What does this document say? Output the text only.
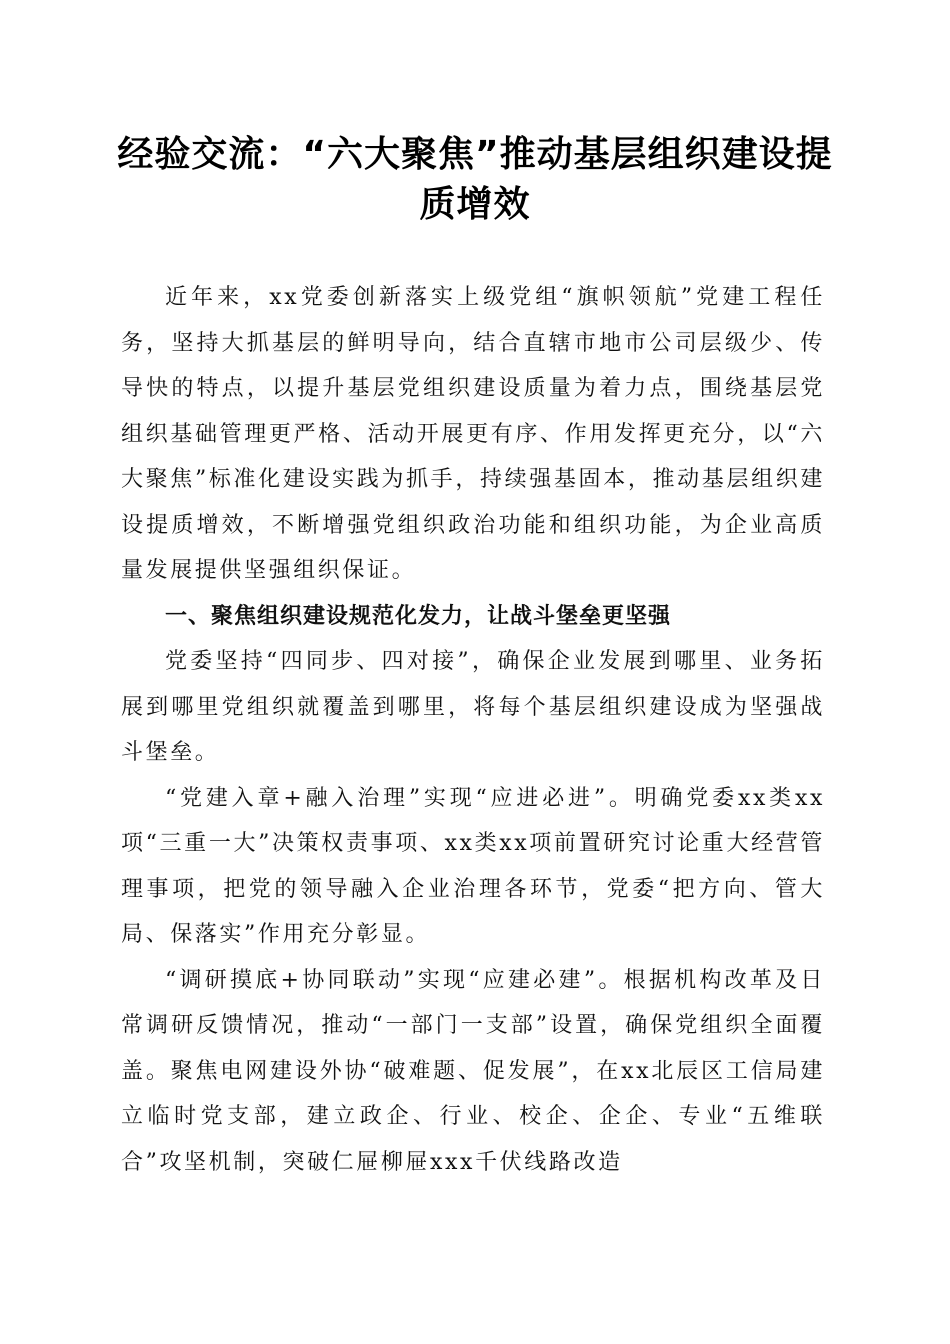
经验交流：“六大聚焦”推动基层组织建设提
质增效

近年来，xx党委创新落实上级党组“旗帜领航”党建工程任务，坚持大抓基层的鲜明导向，结合直辖市地市公司层级少、传导快的特点，以提升基层党组织建设质量为着力点，围绕基层党组织基础管理更严格、活动开展更有序、作用发挥更充分，以“六大聚焦”标准化建设实践为抓手，持续强基固本，推动基层组织建设提质增效，不断增强党组织政治功能和组织功能，为企业高质量发展提供坚强组织保证。

一、聚焦组织建设规范化发力，让战斗堡垒更坚强

党委坚持“四同步、四对接”，确保企业发展到哪里、业务拓展到哪里党组织就覆盖到哪里，将每个基层组织建设成为坚强战斗堡垒。

“党建入章+融入治理”实现“应进必进”。明确党委xx类xx项“三重一大”决策权责事项、xx类xx项前置研究讨论重大经营管理事项，把党的领导融入企业治理各环节，党委“把方向、管大局、保落实”作用充分彰显。

“调研摸底+协同联动”实现“应建必建”。根据机构改革及日常调研反馈情况，推动“一部门一支部”设置，确保党组织全面覆盖。聚焦电网建设外协“破难题、促发展”，在xx北辰区工信局建立临时党支部，建立政企、行业、校企、企企、专业“五维联合”攻坚机制，突破仁屉柳屉xxx千伏线路改造
